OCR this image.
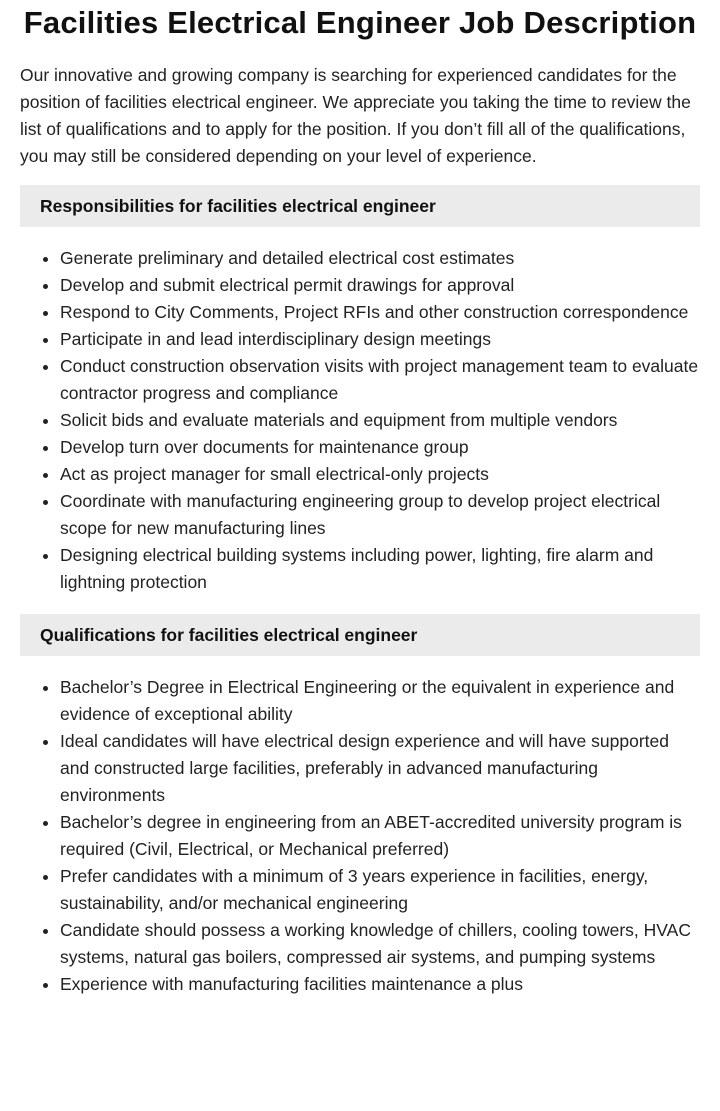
Facilities Electrical Engineer Job Description

Our innovative and growing company is searching for experienced candidates for the position of facilities electrical engineer. We appreciate you taking the time to review the list of qualifications and to apply for the position. If you don’t fill all of the qualifications, you may still be considered depending on your level of experience.

Responsibilities for facilities electrical engineer
• Generate preliminary and detailed electrical cost estimates
• Develop and submit electrical permit drawings for approval
• Respond to City Comments, Project RFIs and other construction correspondence
• Participate in and lead interdisciplinary design meetings
• Conduct construction observation visits with project management team to evaluate contractor progress and compliance
• Solicit bids and evaluate materials and equipment from multiple vendors
• Develop turn over documents for maintenance group
• Act as project manager for small electrical-only projects
• Coordinate with manufacturing engineering group to develop project electrical scope for new manufacturing lines
• Designing electrical building systems including power, lighting, fire alarm and lightning protection
Qualifications for facilities electrical engineer
• Bachelor’s Degree in Electrical Engineering or the equivalent in experience and evidence of exceptional ability
• Ideal candidates will have electrical design experience and will have supported and constructed large facilities, preferably in advanced manufacturing environments
• Bachelor’s degree in engineering from an ABET-accredited university program is required (Civil, Electrical, or Mechanical preferred)
• Prefer candidates with a minimum of 3 years experience in facilities, energy, sustainability, and/or mechanical engineering
• Candidate should possess a working knowledge of chillers, cooling towers, HVAC systems, natural gas boilers, compressed air systems, and pumping systems
• Experience with manufacturing facilities maintenance a plus
